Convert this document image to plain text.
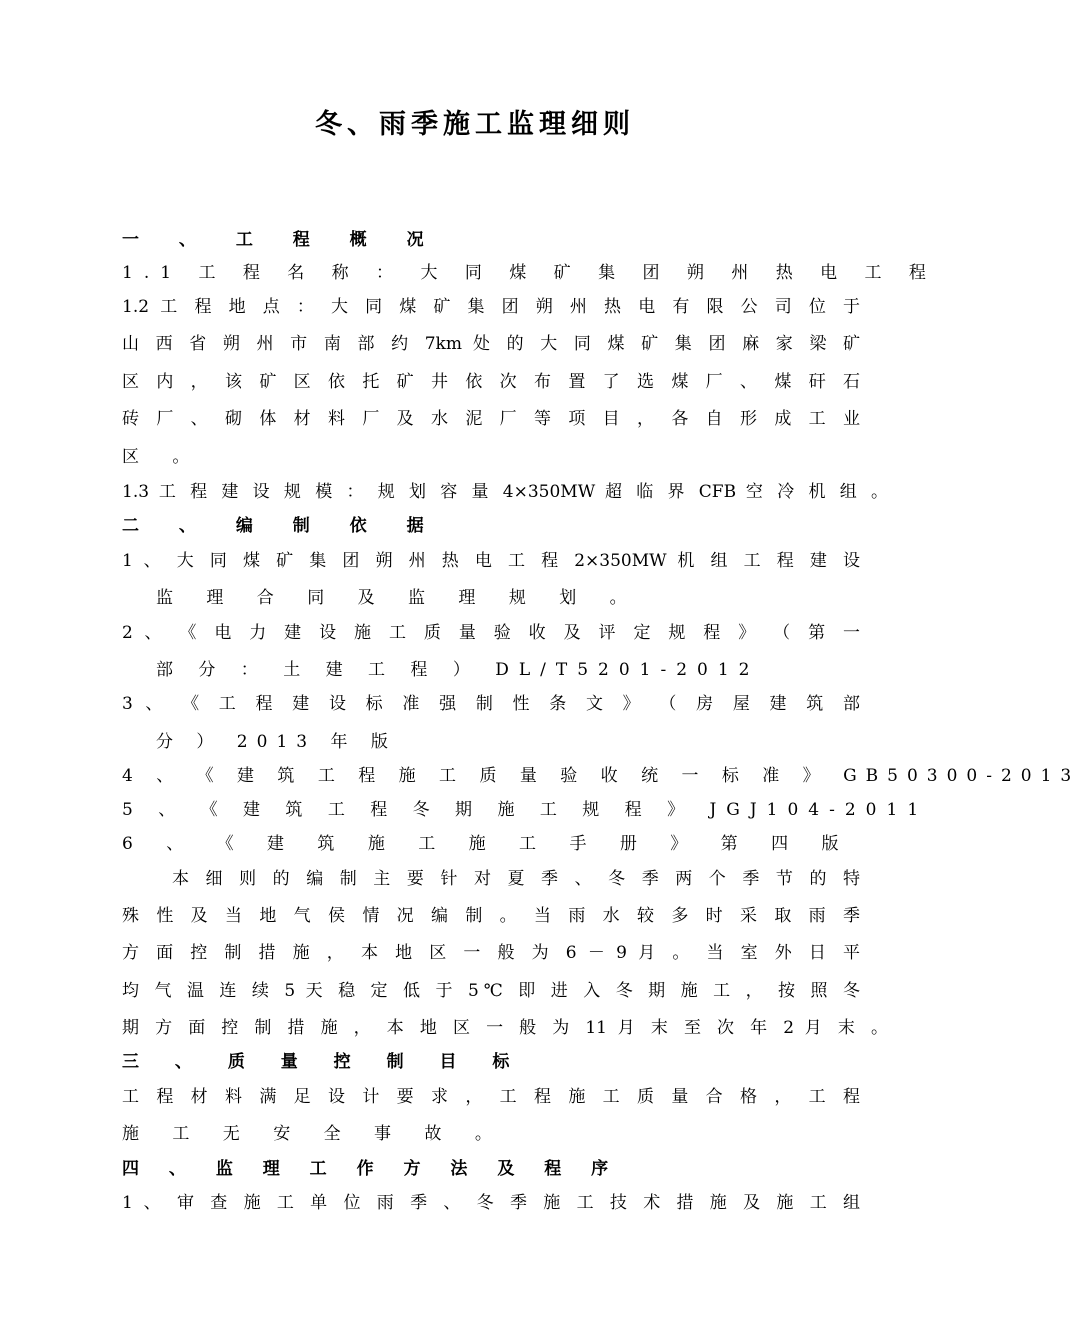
冬、雨季施工监理细则
一 、 工 程 概 况
1.1 工 程 名 称 ： 大 同 煤 矿 集 团 朔 州 热 电 工 程
1.2 工 程 地 点 ： 大 同 煤 矿 集 团 朔 州 热 电 有 限 公 司 位 于
山 西 省 朔 州 市 南 部 约 7km 处 的 大 同 煤 矿 集 团 麻 家 梁 矿
区 内 ， 该 矿 区 依 托 矿 井 依 次 布 置 了 选 煤 厂 、 煤 矸 石
砖 厂 、 砌 体 材 料 厂 及 水 泥 厂 等 项 目 ， 各 自 形 成 工 业
区 。
1.3 工 程 建 设 规 模 ： 规 划 容 量 4×350MW 超 临 界 CFB 空 冷 机 组 。
二 、 编 制 依 据
1 、 大 同 煤 矿 集 团 朔 州 热 电 工 程 2×350MW 机 组 工 程 建 设
监 理 合 同 及 监 理 规 划 。
2 、 《 电 力 建 设 施 工 质 量 验 收 及 评 定 规 程 》 （ 第 一
部 分 ： 土 建 工 程 ） DL/T5201-2012
3 、 《 工 程 建 设 标 准 强 制 性 条 文 》 （ 房 屋 建 筑 部
分 ） 2013 年 版
4 、 《 建 筑 工 程 施 工 质 量 验 收 统 一 标 准 》 GB50300-2013
5 、 《 建 筑 工 程 冬 期 施 工 规 程 》 JGJ104-2011
6 、 《 建 筑 施 工 施 工 手 册 》 第 四 版
本 细 则 的 编 制 主 要 针 对 夏 季 、 冬 季 两 个 季 节 的 特
殊 性 及 当 地 气 侯 情 况 编 制 。 当 雨 水 较 多 时 采 取 雨 季
方 面 控 制 措 施 ， 本 地 区 一 般 为 6 － 9 月 。 当 室 外 日 平
均 气 温 连 续 5 天 稳 定 低 于 5℃ 即 进 入 冬 期 施 工 ， 按 照 冬
期 方 面 控 制 措 施 ， 本 地 区 一 般 为 11 月 末 至 次 年 2 月 末 。
三 、 质 量 控 制 目 标
工 程 材 料 满 足 设 计 要 求 ， 工 程 施 工 质 量 合 格 ， 工 程
施 工 无 安 全 事 故 。
四 、 监 理 工 作 方 法 及 程 序
1 、 审 查 施 工 单 位 雨 季 、 冬 季 施 工 技 术 措 施 及 施 工 组
